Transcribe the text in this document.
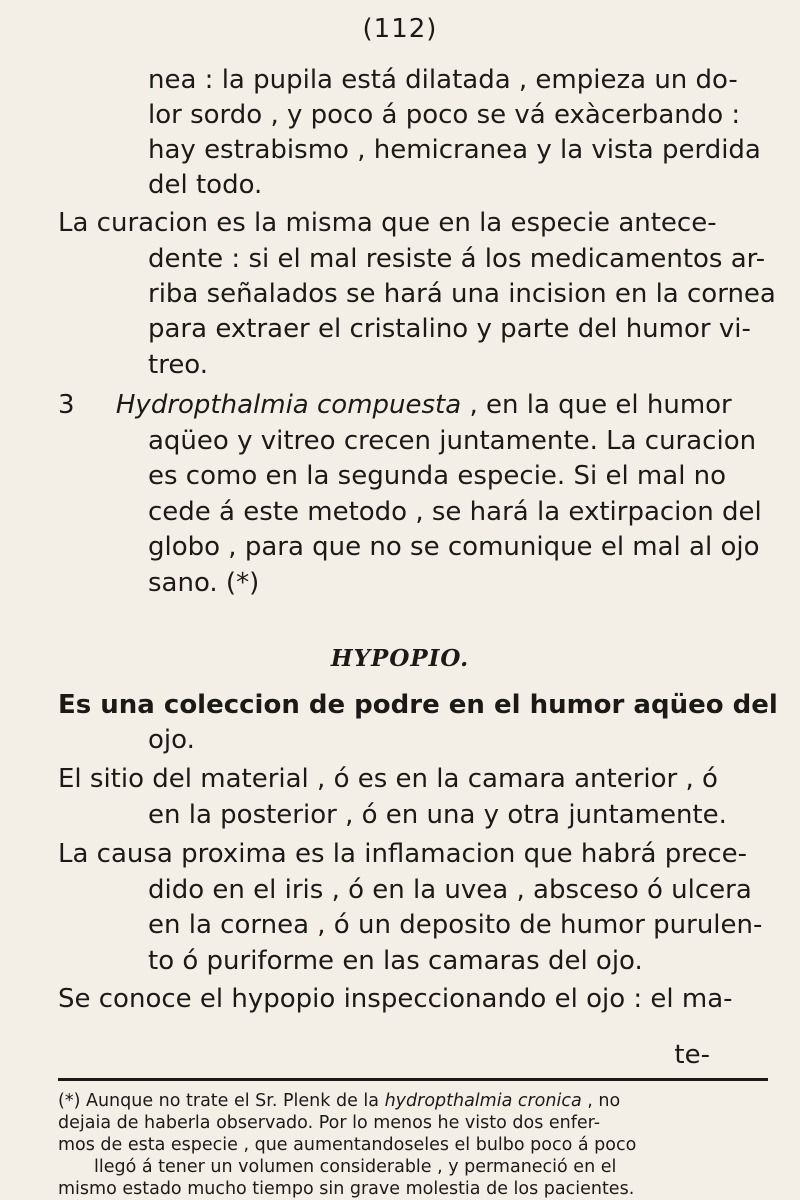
(112)
nea : la pupila está dilatada , empieza un do-
lor sordo , y poco á poco se vá exàcerbando :
hay estrabismo , hemicranea y la vista perdida
del todo.
La curacion es la misma que en la especie antece-
dente : si el mal resiste á los medicamentos ar-
riba señalados se hará una incision en la cornea
para extraer el cristalino y parte del humor vi-
treo.
3 Hydropthalmia compuesta , en la que el humor
aqüeo y vitreo crecen juntamente. La curacion
es como en la segunda especie. Si el mal no
cede á este metodo , se hará la extirpacion del
globo , para que no se comunique el mal al ojo
sano. (*)
HYPOPIO.
Es una coleccion de podre en el humor aqüeo del
ojo.
El sitio del material , ó es en la camara anterior , ó
en la posterior , ó en una y otra juntamente.
La causa proxima es la inflamacion que habrá prece-
dido en el iris , ó en la uvea , absceso ó ulcera
en la cornea , ó un deposito de humor purulen-
to ó puriforme en las camaras del ojo.
Se conoce el hypopio inspeccionando el ojo : el ma-
te-
(*) Aunque no trate el Sr. Plenk de la hydropthalmia cronica , no
dejaia de haberla observado. Por lo menos he visto dos enfer-
mos de esta especie , que aumentandoseles el bulbo poco á poco
llegó á tener un volumen considerable , y permaneció en el
mismo estado mucho tiempo sin grave molestia de los pacientes.
